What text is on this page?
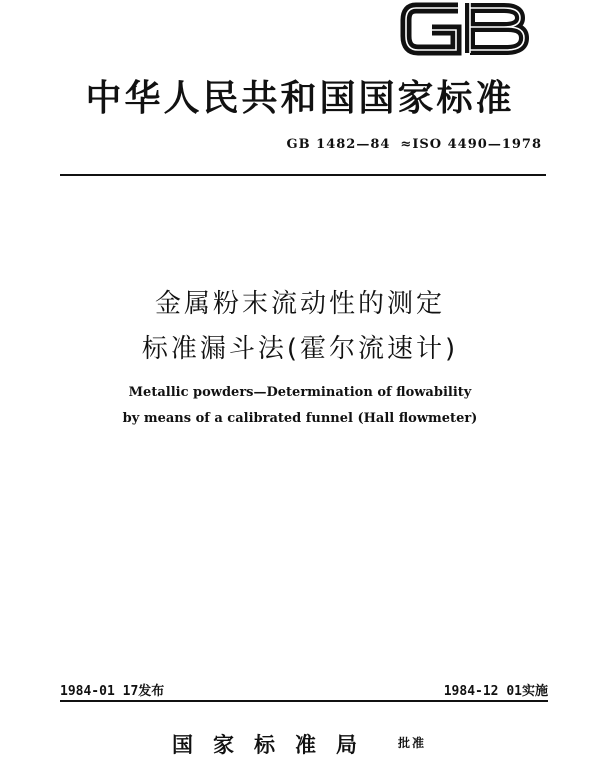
GB
中华人民共和国国家标准
GB 1482—84 ≈ISO 4490—1978
金属粉末流动性的测定
标准漏斗法(霍尔流速计)
Metallic powders—Determination of flowability
by means of a calibrated funnel (Hall flowmeter)
1984-01 17发布	1984-12 01实施
国家标准局 批准
